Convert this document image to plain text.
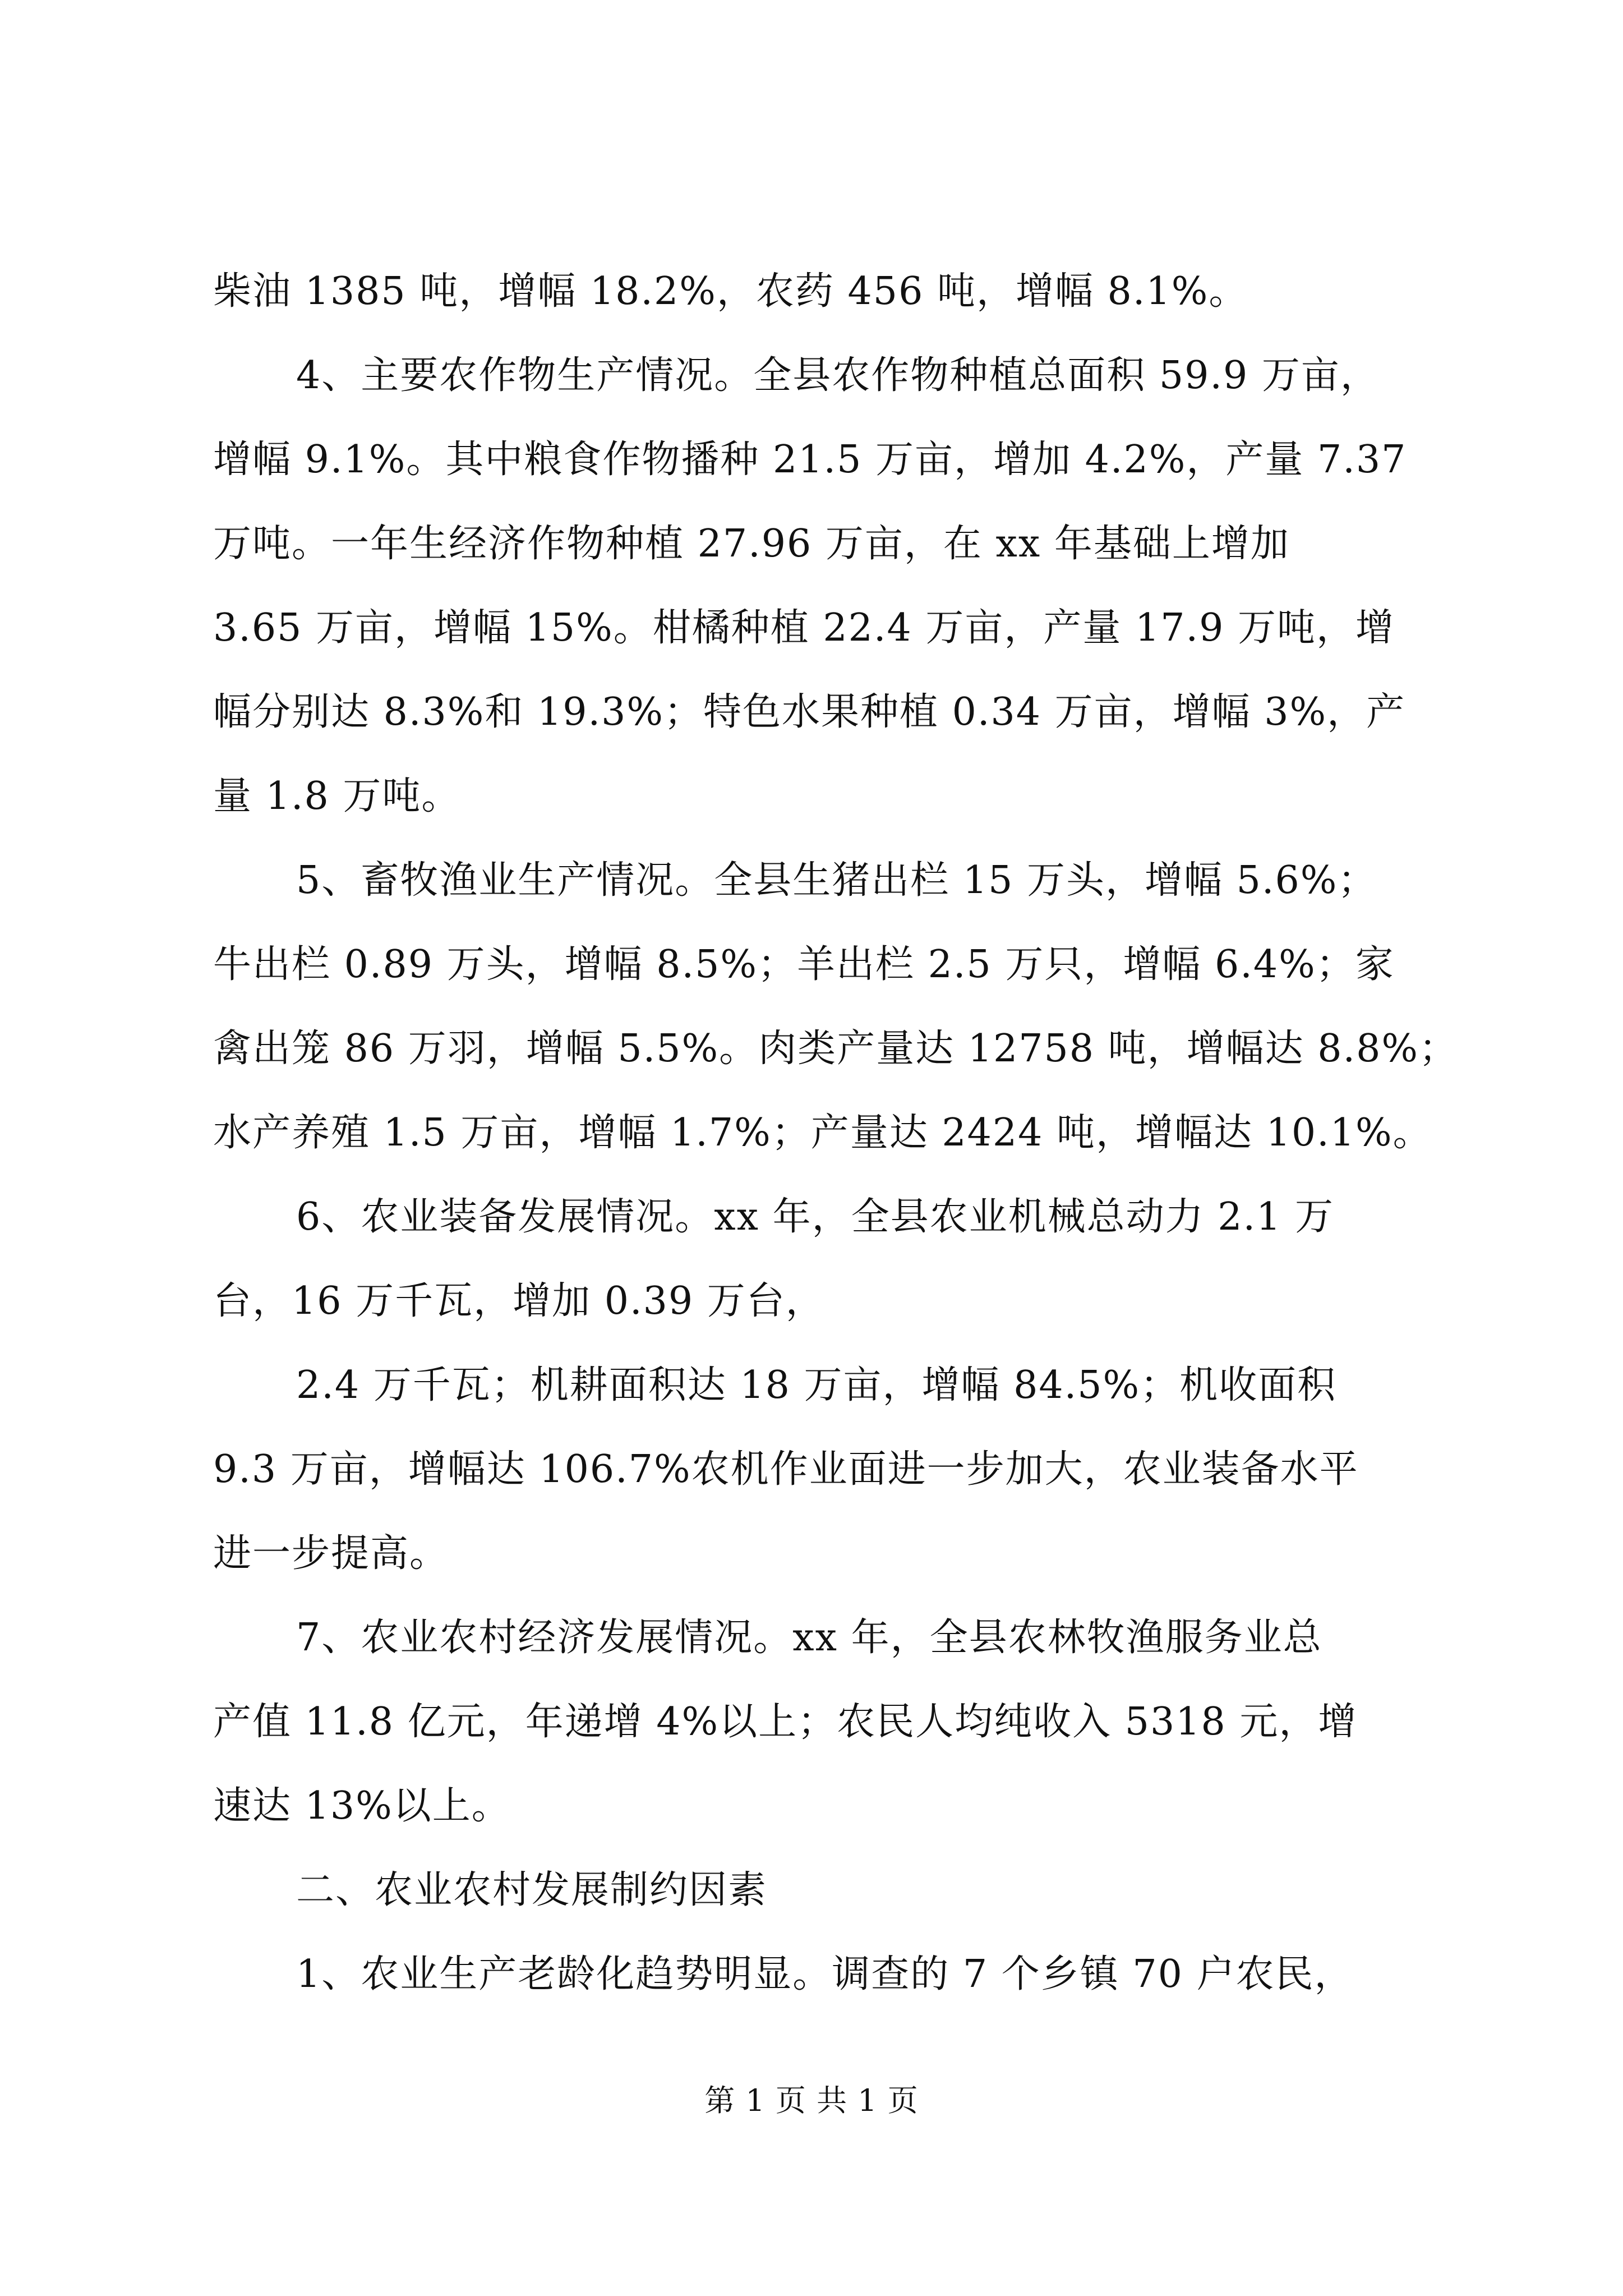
柴油 1385 吨，增幅 18.2%，农药 456 吨，增幅 8.1%。
4、主要农作物生产情况。全县农作物种植总面积 59.9 万亩，
增幅 9.1%。其中粮食作物播种 21.5 万亩，增加 4.2%，产量 7.37
万吨。一年生经济作物种植 27.96 万亩，在 xx 年基础上增加
3.65 万亩，增幅 15%。柑橘种植 22.4 万亩，产量 17.9 万吨，增
幅分别达 8.3%和 19.3%；特色水果种植 0.34 万亩，增幅 3%，产
量 1.8 万吨。
5、畜牧渔业生产情况。全县生猪出栏 15 万头，增幅 5.6%；
牛出栏 0.89 万头，增幅 8.5%；羊出栏 2.5 万只，增幅 6.4%；家
禽出笼 86 万羽，增幅 5.5%。肉类产量达 12758 吨，增幅达 8.8%；
水产养殖 1.5 万亩，增幅 1.7%；产量达 2424 吨，增幅达 10.1%。
6、农业装备发展情况。xx 年，全县农业机械总动力 2.1 万
台，16 万千瓦，增加 0.39 万台，
2.4 万千瓦；机耕面积达 18 万亩，增幅 84.5%；机收面积
9.3 万亩，增幅达 106.7%农机作业面进一步加大，农业装备水平
进一步提高。
7、农业农村经济发展情况。xx 年，全县农林牧渔服务业总
产值 11.8 亿元，年递增 4%以上；农民人均纯收入 5318 元，增
速达 13%以上。
二、农业农村发展制约因素
1、农业生产老龄化趋势明显。调查的 7 个乡镇 70 户农民，
第 1 页 共 1 页
